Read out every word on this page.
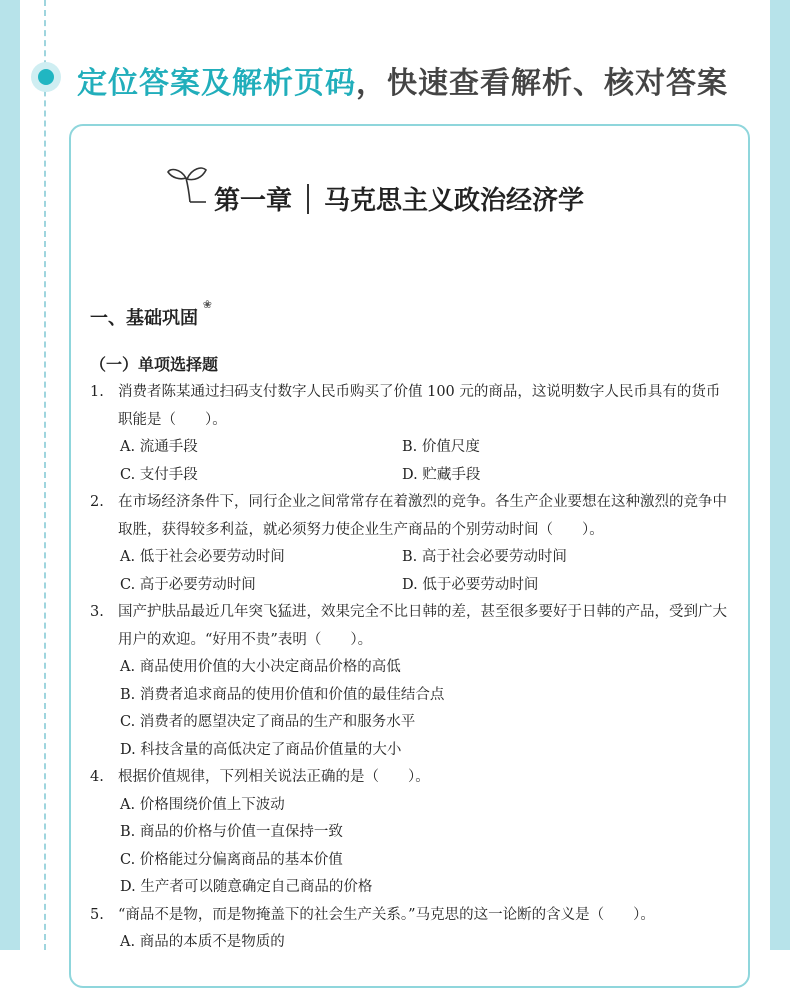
定位答案及解析页码，快速查看解析、核对答案
第一章 马克思主义政治经济学
一、基础巩固
❀
（一）单项选择题
1. 消费者陈某通过扫码支付数字人民币购买了价值 100 元的商品，这说明数字人民币具有的货币职能是（　　）。
A. 流通手段	B. 价值尺度
C. 支付手段	D. 贮藏手段
2. 在市场经济条件下，同行企业之间常常存在着激烈的竞争。各生产企业要想在这种激烈的竞争中取胜，获得较多利益，就必须努力使企业生产商品的个别劳动时间（　　）。
A. 低于社会必要劳动时间	B. 高于社会必要劳动时间
C. 高于必要劳动时间	D. 低于必要劳动时间
3. 国产护肤品最近几年突飞猛进，效果完全不比日韩的差，甚至很多要好于日韩的产品，受到广大用户的欢迎。“好用不贵”表明（　　）。
A. 商品使用价值的大小决定商品价格的高低
B. 消费者追求商品的使用价值和价值的最佳结合点
C. 消费者的愿望决定了商品的生产和服务水平
D. 科技含量的高低决定了商品价值量的大小
4. 根据价值规律，下列相关说法正确的是（　　）。
A. 价格围绕价值上下波动
B. 商品的价格与价值一直保持一致
C. 价格能过分偏离商品的基本价值
D. 生产者可以随意确定自己商品的价格
5. “商品不是物，而是物掩盖下的社会生产关系。”马克思的这一论断的含义是（　　）。
A. 商品的本质不是物质的
